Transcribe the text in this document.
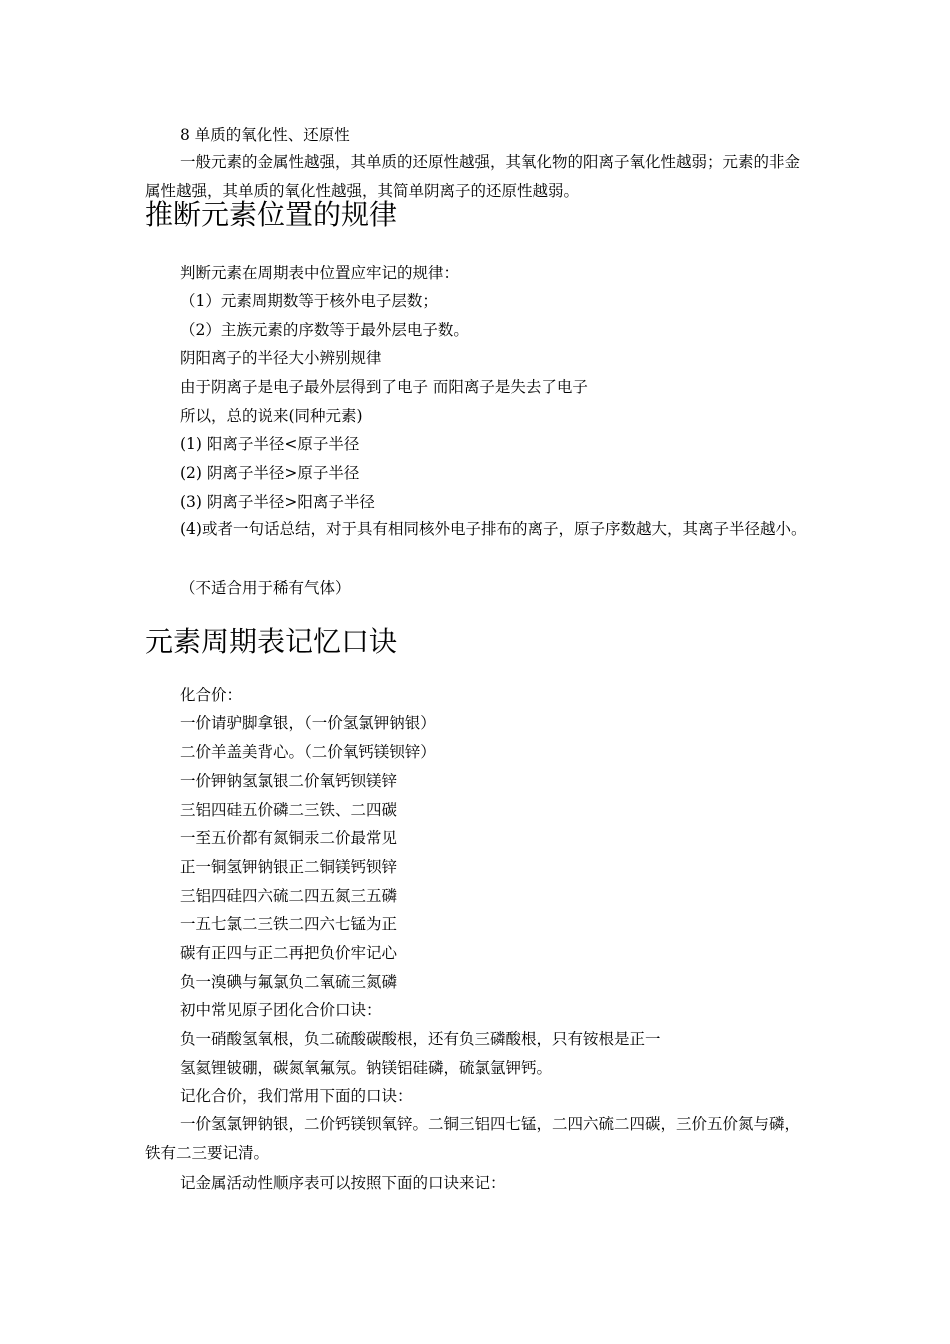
8 单质的氧化性、还原性
一般元素的金属性越强，其单质的还原性越强，其氧化物的阳离子氧化性越弱；元素的非金属性越强，其单质的氧化性越强，其简单阴离子的还原性越弱。
推断元素位置的规律
判断元素在周期表中位置应牢记的规律：
（1）元素周期数等于核外电子层数；
（2）主族元素的序数等于最外层电子数。
阴阳离子的半径大小辨别规律
由于阴离子是电子最外层得到了电子 而阳离子是失去了电子
所以，总的说来(同种元素)
(1) 阳离子半径<原子半径
(2) 阴离子半径>原子半径
(3) 阴离子半径>阳离子半径
(4)或者一句话总结，对于具有相同核外电子排布的离子，原子序数越大，其离子半径越小。
（不适合用于稀有气体）
元素周期表记忆口诀
化合价：
一价请驴脚拿银，（一价氢氯钾钠银）
二价羊盖美背心。（二价氧钙镁钡锌）
一价钾钠氢氯银二价氧钙钡镁锌
三铝四硅五价磷二三铁、二四碳
一至五价都有氮铜汞二价最常见
正一铜氢钾钠银正二铜镁钙钡锌
三铝四硅四六硫二四五氮三五磷
一五七氯二三铁二四六七锰为正
碳有正四与正二再把负价牢记心
负一溴碘与氟氯负二氧硫三氮磷
初中常见原子团化合价口诀：
负一硝酸氢氧根，负二硫酸碳酸根，还有负三磷酸根，只有铵根是正一
氢氦锂铍硼，碳氮氧氟氖。钠镁铝硅磷，硫氯氩钾钙。
记化合价，我们常用下面的口诀：
一价氢氯钾钠银，二价钙镁钡氧锌。二铜三铝四七锰，二四六硫二四碳，三价五价氮与磷，铁有二三要记清。
记金属活动性顺序表可以按照下面的口诀来记：
